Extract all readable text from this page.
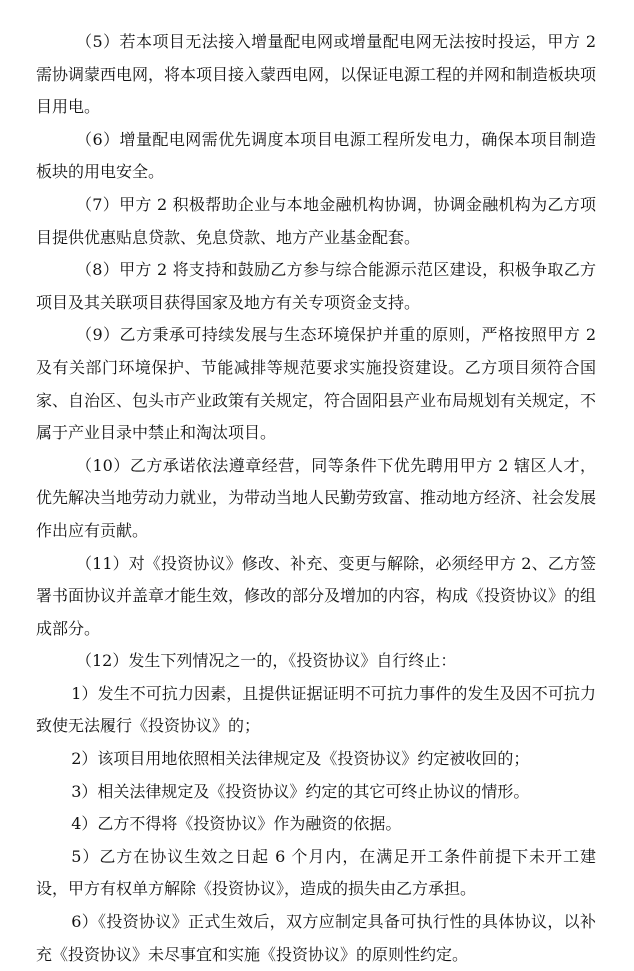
（5）若本项目无法接入增量配电网或增量配电网无法按时投运，甲方 2 需协调蒙西电网，将本项目接入蒙西电网，以保证电源工程的并网和制造板块项目用电。

（6）增量配电网需优先调度本项目电源工程所发电力，确保本项目制造板块的用电安全。

（7）甲方 2 积极帮助企业与本地金融机构协调，协调金融机构为乙方项目提供优惠贴息贷款、免息贷款、地方产业基金配套。

（8）甲方 2 将支持和鼓励乙方参与综合能源示范区建设，积极争取乙方项目及其关联项目获得国家及地方有关专项资金支持。

（9）乙方秉承可持续发展与生态环境保护并重的原则，严格按照甲方 2 及有关部门环境保护、节能减排等规范要求实施投资建设。乙方项目须符合国家、自治区、包头市产业政策有关规定，符合固阳县产业布局规划有关规定，不属于产业目录中禁止和淘汰项目。

（10）乙方承诺依法遵章经营，同等条件下优先聘用甲方 2 辖区人才，优先解决当地劳动力就业，为带动当地人民勤劳致富、推动地方经济、社会发展作出应有贡献。

（11）对《投资协议》修改、补充、变更与解除，必须经甲方 2、乙方签署书面协议并盖章才能生效，修改的部分及增加的内容，构成《投资协议》的组成部分。

（12）发生下列情况之一的，《投资协议》自行终止：

1）发生不可抗力因素，且提供证据证明不可抗力事件的发生及因不可抗力致使无法履行《投资协议》的；

2）该项目用地依照相关法律规定及《投资协议》约定被收回的；

3）相关法律规定及《投资协议》约定的其它可终止协议的情形。

4）乙方不得将《投资协议》作为融资的依据。

5）乙方在协议生效之日起 6 个月内，在满足开工条件前提下未开工建设，甲方有权单方解除《投资协议》，造成的损失由乙方承担。

6）《投资协议》正式生效后，双方应制定具备可执行性的具体协议，以补充《投资协议》未尽事宜和实施《投资协议》的原则性约定。
